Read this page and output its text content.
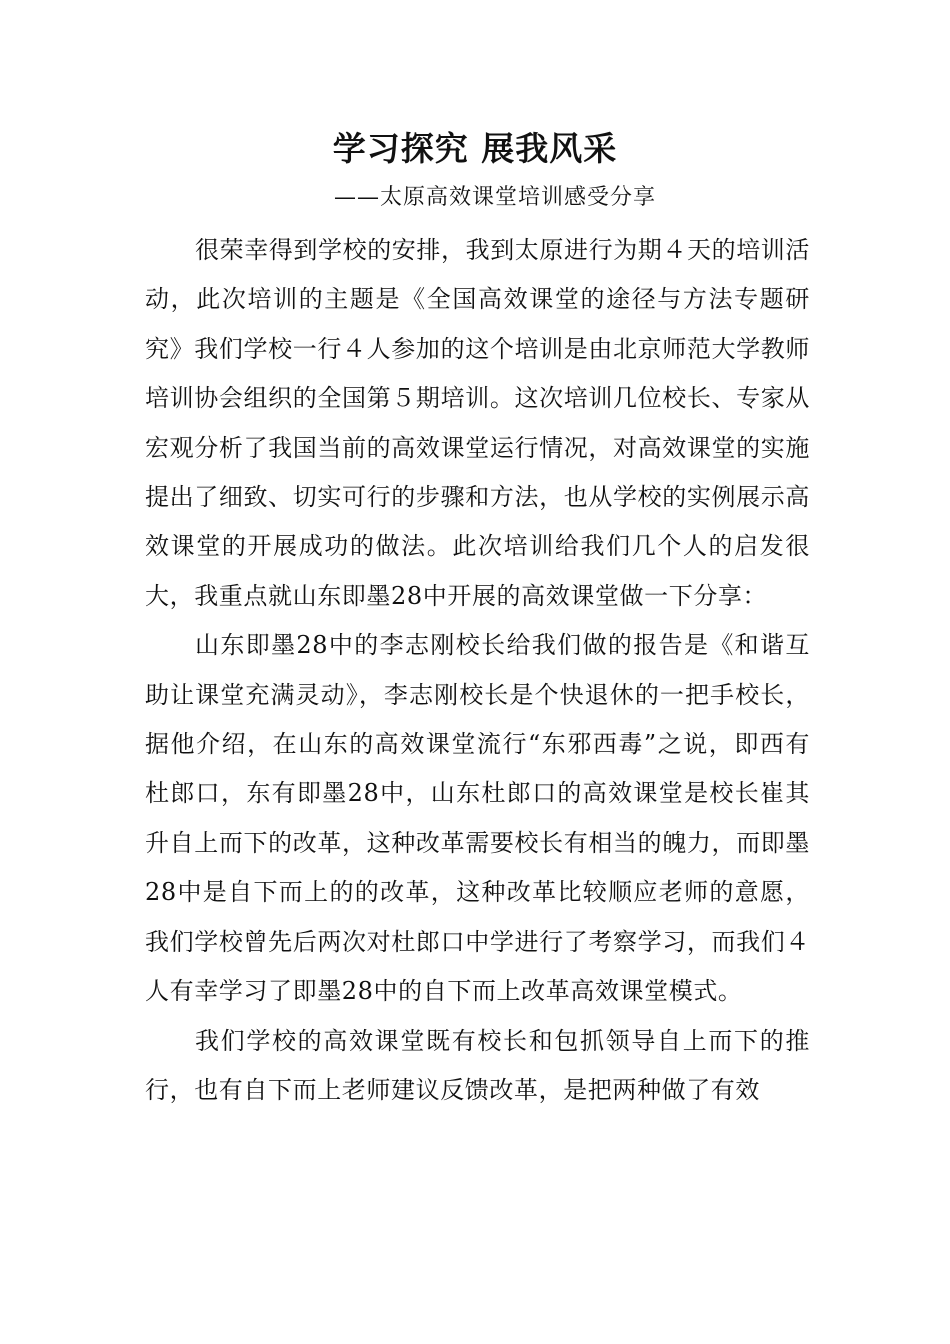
学习探究 展我风采
——太原高效课堂培训感受分享

很荣幸得到学校的安排，我到太原进行为期４天的培训活动，此次培训的主题是《全国高效课堂的途径与方法专题研究》我们学校一行４人参加的这个培训是由北京师范大学教师培训协会组织的全国第５期培训。这次培训几位校长、专家从宏观分析了我国当前的高效课堂运行情况，对高效课堂的实施提出了细致、切实可行的步骤和方法，也从学校的实例展示高效课堂的开展成功的做法。此次培训给我们几个人的启发很大，我重点就山东即墨28中开展的高效课堂做一下分享：

山东即墨28中的李志刚校长给我们做的报告是《和谐互助让课堂充满灵动》，李志刚校长是个快退休的一把手校长，据他介绍，在山东的高效课堂流行“东邪西毒”之说，即西有杜郎口，东有即墨28中，山东杜郎口的高效课堂是校长崔其升自上而下的改革，这种改革需要校长有相当的魄力，而即墨28中是自下而上的的改革，这种改革比较顺应老师的意愿，我们学校曾先后两次对杜郎口中学进行了考察学习，而我们４人有幸学习了即墨28中的自下而上改革高效课堂模式。

我们学校的高效课堂既有校长和包抓领导自上而下的推行，也有自下而上老师建议反馈改革，是把两种做了有效
